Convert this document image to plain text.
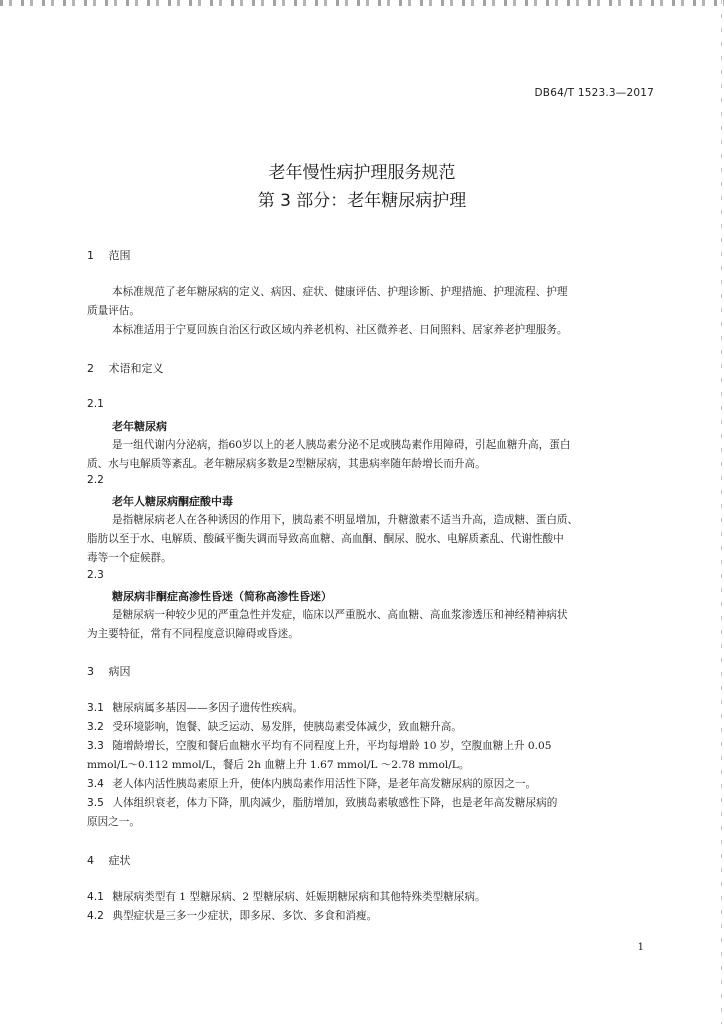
DB64/T 1523.3—2017
老年慢性病护理服务规范
第 3 部分：老年糖尿病护理
1 范围
本标准规范了老年糖尿病的定义、病因、症状、健康评估、护理诊断、护理措施、护理流程、护理
质量评估。
本标准适用于宁夏回族自治区行政区域内养老机构、社区微养老、日间照料、居家养老护理服务。
2 术语和定义
2.1
老年糖尿病
是一组代谢内分泌病，指60岁以上的老人胰岛素分泌不足或胰岛素作用障碍，引起血糖升高，蛋白
质、水与电解质等紊乱。老年糖尿病多数是2型糖尿病，其患病率随年龄增长而升高。
2.2
老年人糖尿病酮症酸中毒
是指糖尿病老人在各种诱因的作用下，胰岛素不明显增加，升糖激素不适当升高，造成糖、蛋白质、
脂肪以至于水、电解质、酸碱平衡失调而导致高血糖、高血酮、酮尿、脱水、电解质紊乱、代谢性酸中
毒等一个症候群。
2.3
糖尿病非酮症高渗性昏迷（简称高渗性昏迷）
是糖尿病一种较少见的严重急性并发症，临床以严重脱水、高血糖、高血浆渗透压和神经精神病状
为主要特征，常有不同程度意识障碍或昏迷。
3 病因
3.1 糖尿病属多基因——多因子遗传性疾病。
3.2 受环境影响，饱餐、缺乏运动、易发胖，使胰岛素受体减少，致血糖升高。
3.3 随增龄增长，空腹和餐后血糖水平均有不同程度上升，平均每增龄 10 岁，空腹血糖上升 0.05
mmol/L～0.112 mmol/L，餐后 2h 血糖上升 1.67 mmol/L ～2.78 mmol/L。
3.4 老人体内活性胰岛素原上升，使体内胰岛素作用活性下降，是老年高发糖尿病的原因之一。
3.5 人体组织衰老，体力下降，肌肉减少，脂肪增加，致胰岛素敏感性下降，也是老年高发糖尿病的
原因之一。
4 症状
4.1 糖尿病类型有 1 型糖尿病、2 型糖尿病、妊娠期糖尿病和其他特殊类型糖尿病。
4.2 典型症状是三多一少症状，即多尿、多饮、多食和消瘦。
1
